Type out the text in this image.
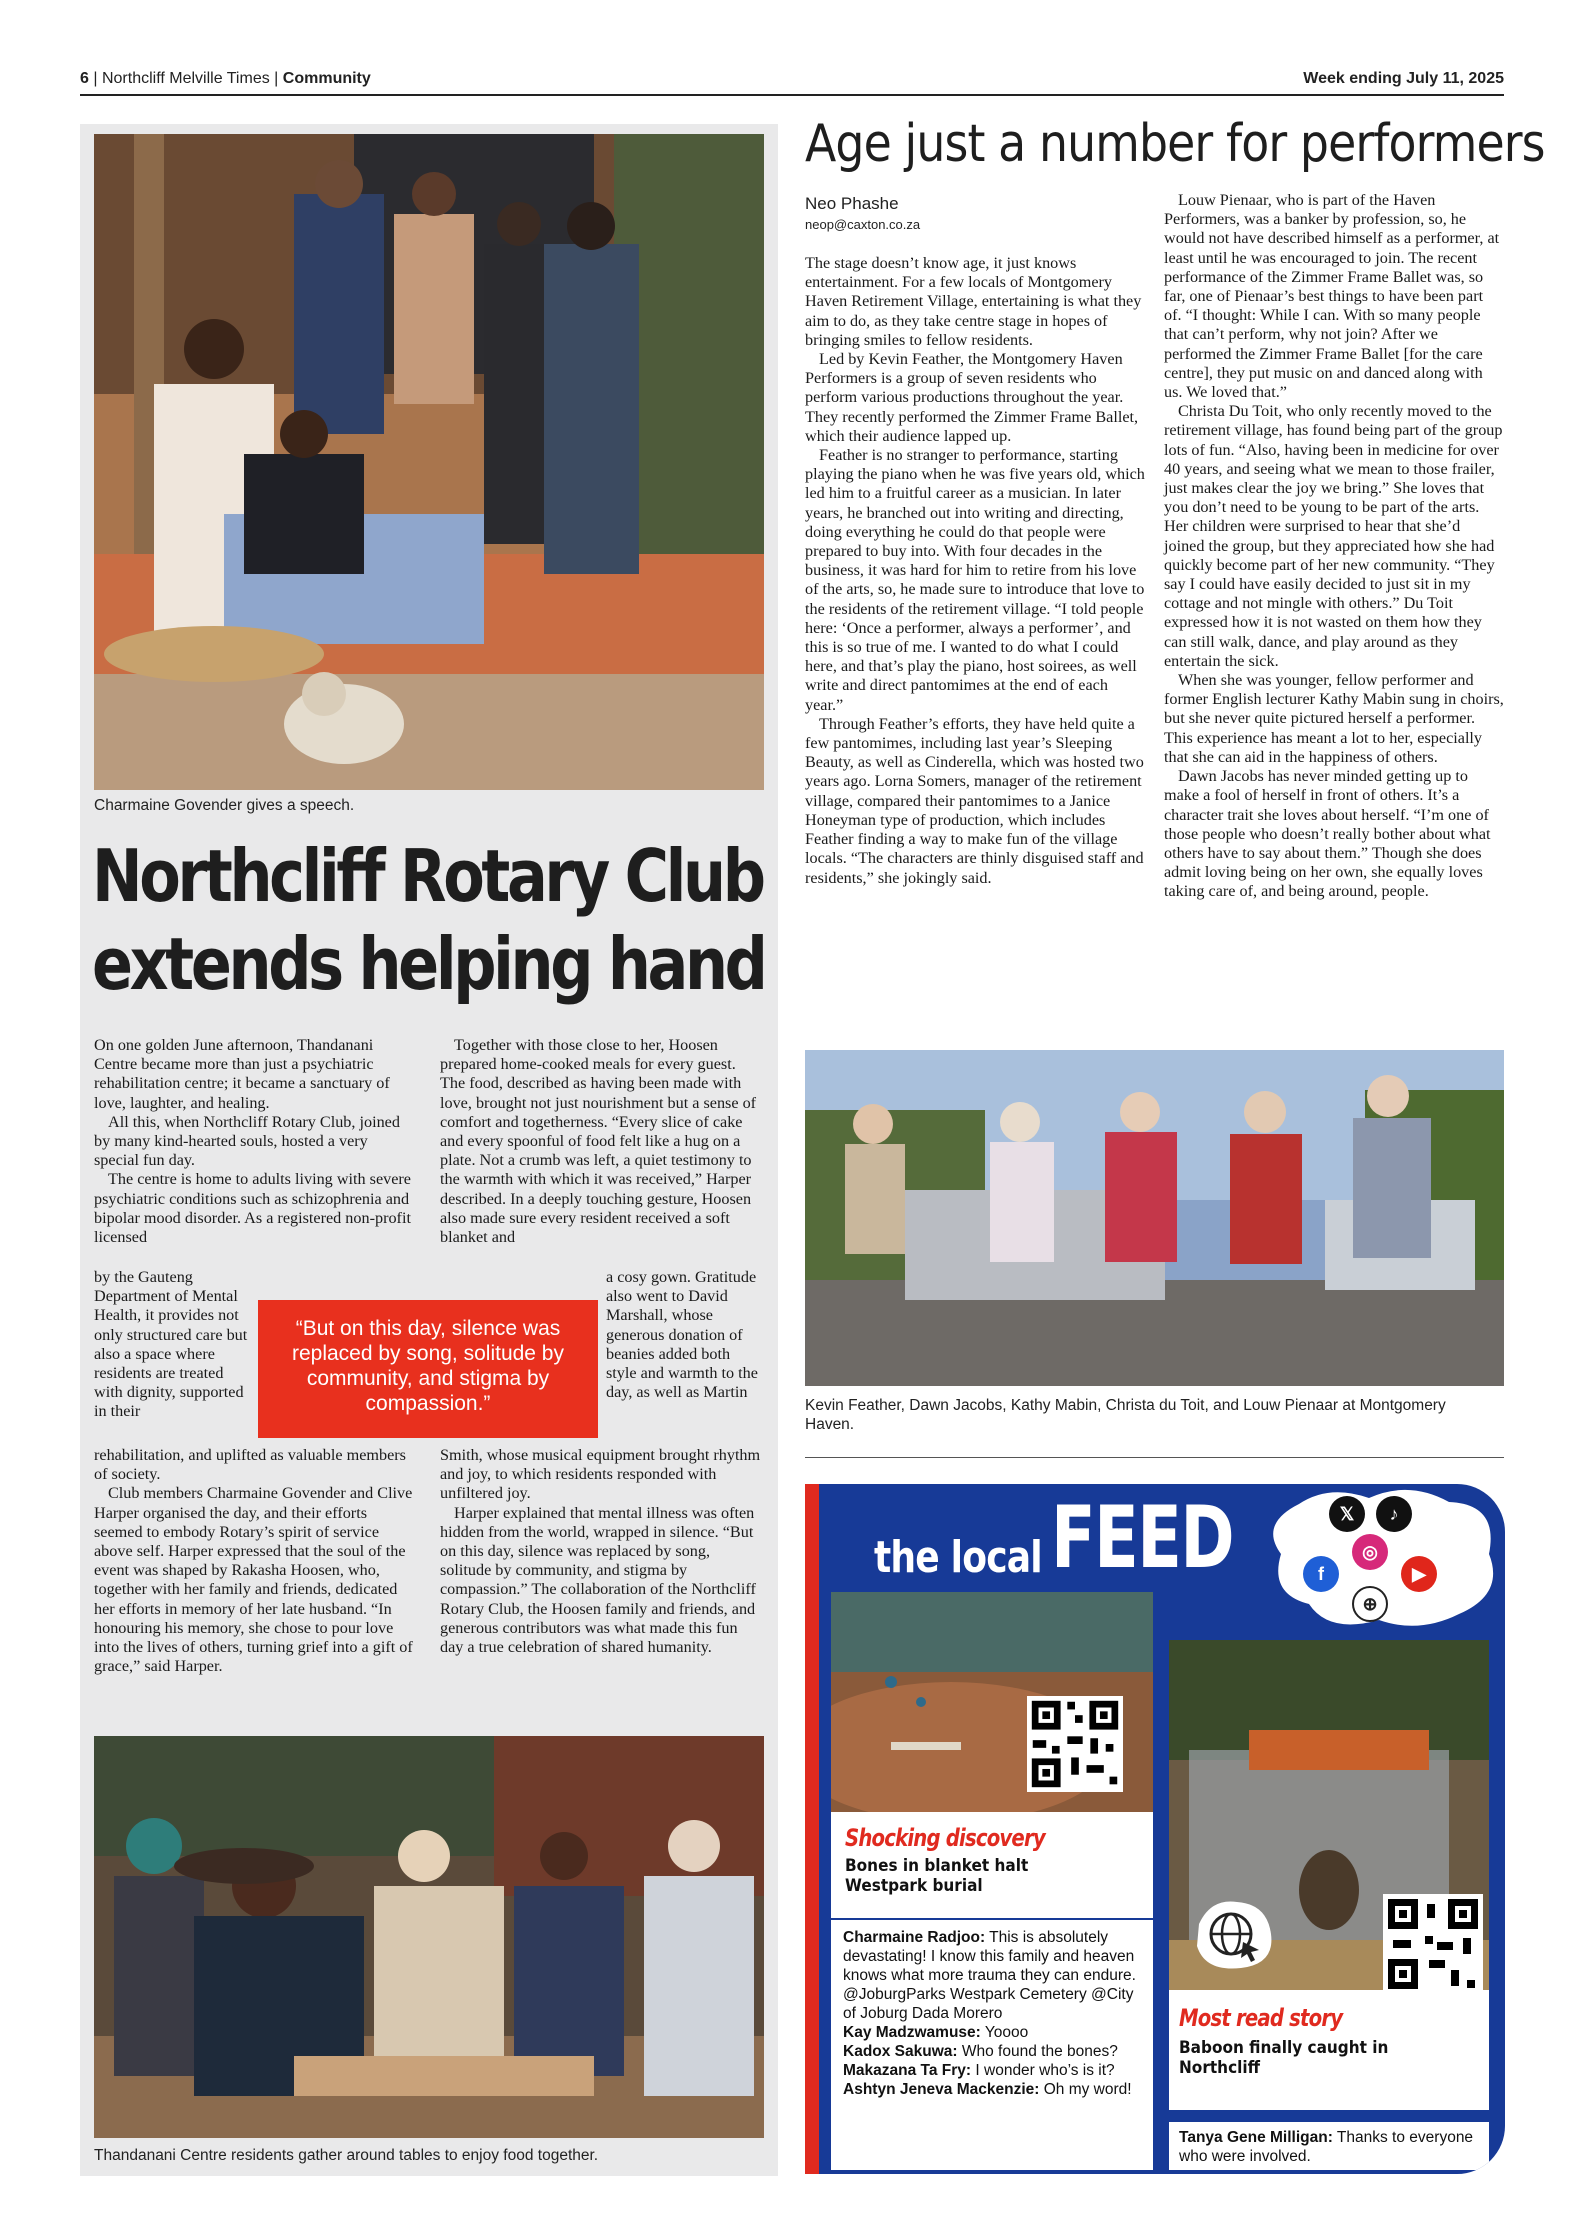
6 | Northcliff Melville Times | Community	Week ending July 11, 2025
Charmaine Govender gives a speech.
Northcliff Rotary Club
extends helping hand

On one golden June afternoon, Thandanani Centre became more than just a psychiatric rehabilitation centre; it became a sanctuary of love, laughter, and healing.

All this, when Northcliff Rotary Club, joined by many kind-hearted souls, hosted a very special fun day.

The centre is home to adults living with severe psychiatric conditions such as schizophrenia and bipolar mood disorder. As a registered non-profit licensed

by the Gauteng Department of Mental Health, it provides not only structured care but also a space where residents are treated with dignity, supported in their

rehabilitation, and uplifted as valuable members of society.

Club members Charmaine Govender and Clive Harper organised the day, and their efforts seemed to embody Rotary’s spirit of service above self. Harper expressed that the soul of the event was shaped by Rakasha Hoosen, who, together with her family and friends, dedicated her efforts in memory of her late husband. “In honouring his memory, she chose to pour love into the lives of others, turning grief into a gift of grace,” said Harper.

Together with those close to her, Hoosen prepared home-cooked meals for every guest. The food, described as having been made with love, brought not just nourishment but a sense of comfort and togetherness. “Every slice of cake and every spoonful of food felt like a hug on a plate. Not a crumb was left, a quiet testimony to the warmth with which it was received,” Harper described. In a deeply touching gesture, Hoosen also made sure every resident received a soft blanket and

a cosy gown. Gratitude also went to David Marshall, whose generous donation of beanies added both style and warmth to the day, as well as Martin

Smith, whose musical equipment brought rhythm and joy, to which residents responded with unfiltered joy.

Harper explained that mental illness was often hidden from the world, wrapped in silence. “But on this day, silence was replaced by song, solitude by community, and stigma by compassion.” The collaboration of the Northcliff Rotary Club, the Hoosen family and friends, and generous contributors was what made this fun day a true celebration of shared humanity.

“But on this day, silence was replaced by song, solitude by community, and stigma by compassion.”
Thandanani Centre residents gather around tables to enjoy food together.
Age just a number for performers
Neo Phashe
neop@caxton.co.za

The stage doesn’t know age, it just knows entertainment. For a few locals of Montgomery Haven Retirement Village, entertaining is what they aim to do, as they take centre stage in hopes of bringing smiles to fellow residents.

Led by Kevin Feather, the Montgomery Haven Performers is a group of seven residents who perform various productions throughout the year. They recently performed the Zimmer Frame Ballet, which their audience lapped up.

Feather is no stranger to performance, starting playing the piano when he was five years old, which led him to a fruitful career as a musician. In later years, he branched out into writing and directing, doing everything he could do that people were prepared to buy into. With four decades in the business, it was hard for him to retire from his love of the arts, so, he made sure to introduce that love to the residents of the retirement village. “I told people here: ‘Once a performer, always a performer’, and this is so true of me. I wanted to do what I could here, and that’s play the piano, host soirees, as well write and direct pantomimes at the end of each year.”

Through Feather’s efforts, they have held quite a few pantomimes, including last year’s Sleeping Beauty, as well as Cinderella, which was hosted two years ago. Lorna Somers, manager of the retirement village, compared their pantomimes to a Janice Honeyman type of production, which includes Feather finding a way to make fun of the village locals. “The characters are thinly disguised staff and residents,” she jokingly said.

Louw Pienaar, who is part of the Haven Performers, was a banker by profession, so, he would not have described himself as a performer, at least until he was encouraged to join. The recent performance of the Zimmer Frame Ballet was, so far, one of Pienaar’s best things to have been part of. “I thought: While I can. With so many people that can’t perform, why not join? After we performed the Zimmer Frame Ballet [for the care centre], they put music on and danced along with us. We loved that.”

Christa Du Toit, who only recently moved to the retirement village, has found being part of the group lots of fun. “Also, having been in medicine for over 40 years, and seeing what we mean to those frailer, just makes clear the joy we bring.” She loves that you don’t need to be young to be part of the arts. Her children were surprised to hear that she’d joined the group, but they appreciated how she had quickly become part of her new community. “They say I could have easily decided to just sit in my cottage and not mingle with others.” Du Toit expressed how it is not wasted on them how they can still walk, dance, and play around as they entertain the sick.

When she was younger, fellow performer and former English lecturer Kathy Mabin sung in choirs, but she never quite pictured herself a performer. This experience has meant a lot to her, especially that she can aid in the happiness of others.

Dawn Jacobs has never minded getting up to make a fool of herself in front of others. It’s a character trait she loves about herself. “I’m one of those people who doesn’t really bother about what others have to say about them.” Though she does admit loving being on her own, she equally loves taking care of, and being around, people.

Kevin Feather, Dawn Jacobs, Kathy Mabin, Christa du Toit, and Louw Pienaar at Montgomery Haven.
the local FEED	𝕏	♪
◎
f	▶
⊕
Shocking discovery
Bones in blanket halt Westpark burial
Charmaine Radjoo: This is absolutely devastating! I know this family and heaven knows what more trauma they can endure. @JoburgParks Westpark Cemetery @City of Joburg Dada Morero
Kay Madzwamuse: Yoooo
Kadox Sakuwa: Who found the bones?
Makazana Ta Fry: I wonder who’s is it?
Ashtyn Jeneva Mackenzie: Oh my word!
Most read story
Baboon finally caught in Northcliff
Tanya Gene Milligan: Thanks to everyone who were involved.
